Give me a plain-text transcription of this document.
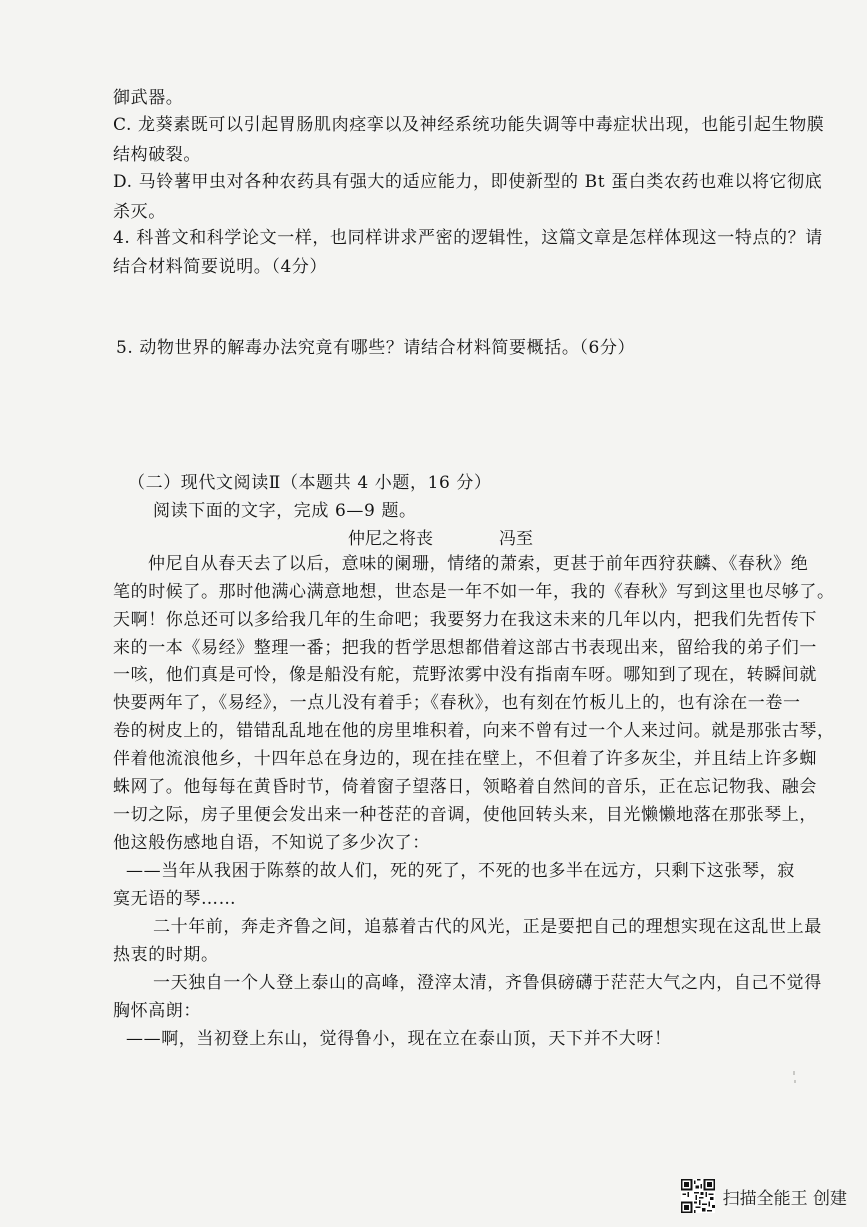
御武器。
C. 龙葵素既可以引起胃肠肌肉痉挛以及神经系统功能失调等中毒症状出现，也能引起生物膜
结构破裂。
D. 马铃薯甲虫对各种农药具有强大的适应能力，即使新型的 Bt 蛋白类农药也难以将它彻底
杀灭。
4. 科普文和科学论文一样，也同样讲求严密的逻辑性，这篇文章是怎样体现这一特点的？请
结合材料简要说明。（4分）
5. 动物世界的解毒办法究竟有哪些？请结合材料简要概括。（6分）
（二）现代文阅读Ⅱ（本题共 4 小题，16 分）
阅读下面的文字，完成 6—9 题。
仲尼之将丧	冯至
仲尼自从春天去了以后，意味的阑珊，情绪的萧索，更甚于前年西狩获麟、《春秋》绝
笔的时候了。那时他满心满意地想，世态是一年不如一年，我的《春秋》写到这里也尽够了。
天啊！你总还可以多给我几年的生命吧；我要努力在我这未来的几年以内，把我们先哲传下
来的一本《易经》整理一番；把我的哲学思想都借着这部古书表现出来，留给我的弟子们一
一咳，他们真是可怜，像是船没有舵，荒野浓雾中没有指南车呀。哪知到了现在，转瞬间就
快要两年了，《易经》，一点儿没有着手；《春秋》，也有刻在竹板儿上的，也有涂在一卷一
卷的树皮上的，错错乱乱地在他的房里堆积着，向来不曾有过一个人来过问。就是那张古琴，
伴着他流浪他乡，十四年总在身边的，现在挂在壁上，不但着了许多灰尘，并且结上许多蜘
蛛网了。他每每在黄昏时节，倚着窗子望落日，领略着自然间的音乐，正在忘记物我、融会
一切之际，房子里便会发出来一种苍茫的音调，使他回转头来，目光懒懒地落在那张琴上，
他这般伤感地自语，不知说了多少次了：
——当年从我困于陈蔡的故人们，死的死了，不死的也多半在远方，只剩下这张琴，寂
寞无语的琴……
二十年前，奔走齐鲁之间，追慕着古代的风光，正是要把自己的理想实现在这乱世上最
热衷的时期。
一天独自一个人登上泰山的高峰，澄滓太清，齐鲁俱磅礴于茫茫大气之内，自己不觉得
胸怀高朗：
——啊，当初登上东山，觉得鲁小，现在立在泰山顶，天下并不大呀！
扫描全能王 创建
